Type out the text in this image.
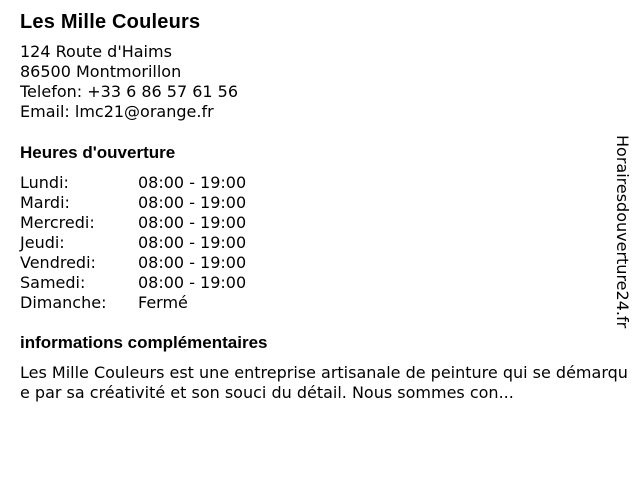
Les Mille Couleurs
124 Route d'Haims
86500 Montmorillon
Telefon: +33 6 86 57 61 56
Email: lmc21@orange.fr
Heures d'ouverture
Lundi:	08:00 - 19:00
Mardi:	08:00 - 19:00
Mercredi:	08:00 - 19:00
Jeudi:	08:00 - 19:00
Vendredi:	08:00 - 19:00
Samedi:	08:00 - 19:00
Dimanche:	Fermé
informations complémentaires
Les Mille Couleurs est une entreprise artisanale de peinture qui se démarque par sa créativité et son souci du détail. Nous sommes con...
Horairesdouverture24.fr
